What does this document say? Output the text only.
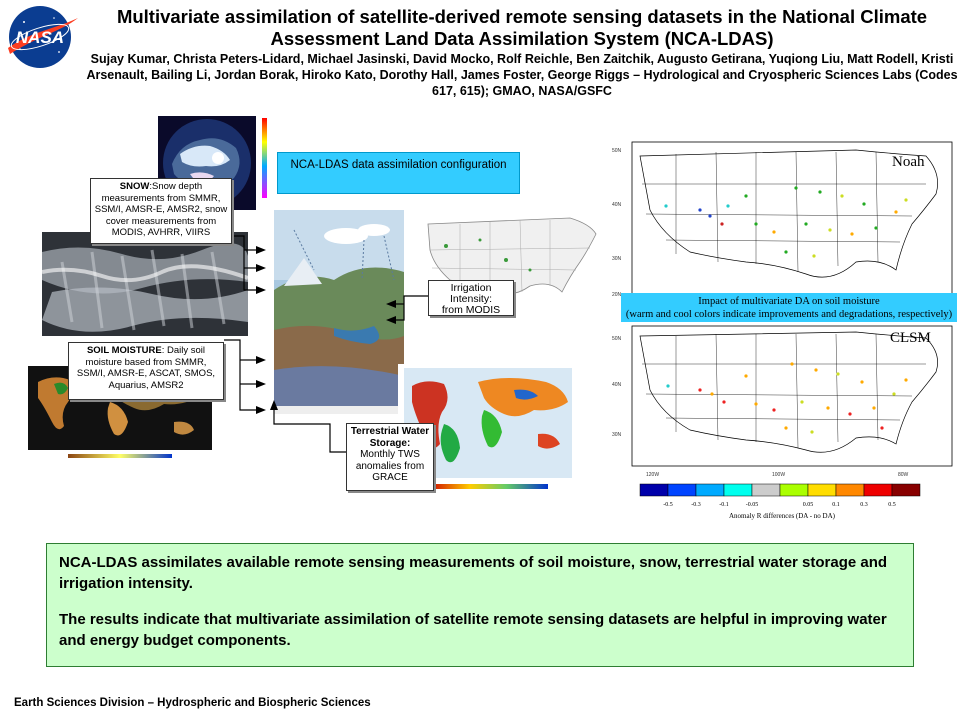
NASA
Multivariate assimilation of satellite-derived remote sensing datasets in the National Climate Assessment Land Data Assimilation System (NCA-LDAS)
Sujay Kumar, Christa Peters-Lidard, Michael Jasinski, David Mocko, Rolf Reichle, Ben Zaitchik, Augusto Getirana, Yuqiong Liu, Matt Rodell, Kristi Arsenault, Bailing Li, Jordan Borak, Hiroko Kato, Dorothy Hall, James Foster, George Riggs – Hydrological and Cryospheric Sciences Labs (Codes 617, 615); GMAO, NASA/GSFC
SNOW:Snow depth measurements from SMMR, SSM/I, AMSR-E, AMSR2, snow cover measurements from MODIS, AVHRR, VIIRS
SOIL MOISTURE: Daily soil moisture based from SMMR, SSM/I, AMSR-E, ASCAT, SMOS, Aquarius, AMSR2
Irrigation Intensity:
from MODIS
Terrestrial Water Storage:
Monthly TWS anomalies from GRACE
NCA-LDAS data assimilation configuration
50N
40N
30N
20N
Noah
Impact of multivariate DA on soil moisture
(warm and cool colors indicate improvements and degradations, respectively)
50N
40N
30N
120W	100W	80W
CLSM
-0.5	-0.3	-0.1	-0.05	0.05	0.1	0.3	0.5
Anomaly R differences (DA - no DA)

NCA-LDAS assimilates available remote sensing measurements of soil moisture, snow, terrestrial water storage and irrigation intensity.

The results indicate that multivariate assimilation of satellite remote sensing datasets are helpful in improving water and energy budget components.

Earth Sciences Division – Hydrospheric and Biospheric Sciences
